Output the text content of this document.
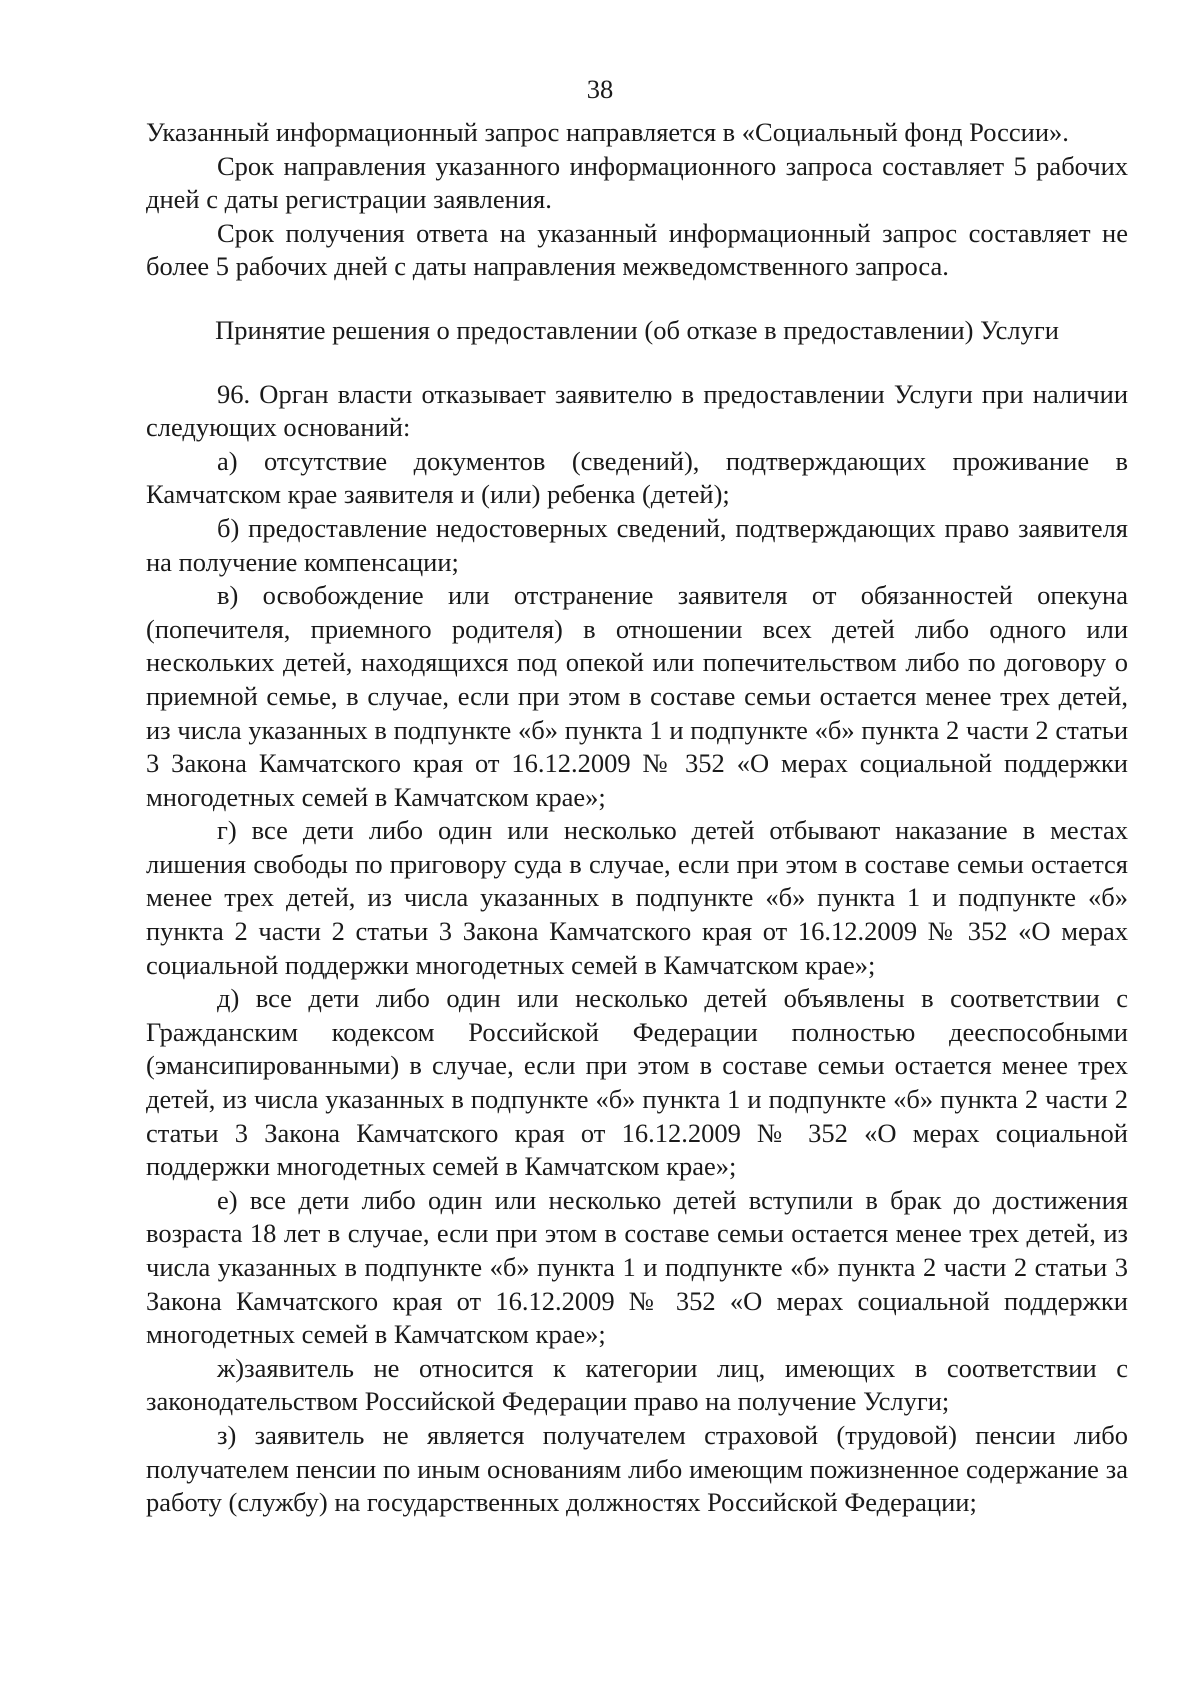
38

Указанный информационный запрос направляется в «Социальный фонд России».

Срок направления указанного информационного запроса составляет 5 рабочих дней с даты регистрации заявления.

Срок получения ответа на указанный информационный запрос составляет не более 5 рабочих дней с даты направления межведомственного запроса.

Принятие решения о предоставлении (об отказе в предоставлении) Услуги

96. Орган власти отказывает заявителю в предоставлении Услуги при наличии следующих оснований:

а) отсутствие документов (сведений), подтверждающих проживание в Камчатском крае заявителя и (или) ребенка (детей);

б) предоставление недостоверных сведений, подтверждающих право заявителя на получение компенсации;

в) освобождение или отстранение заявителя от обязанностей опекуна (попечителя, приемного родителя) в отношении всех детей либо одного или нескольких детей, находящихся под опекой или попечительством либо по договору о приемной семье, в случае, если при этом в составе семьи остается менее трех детей, из числа указанных в подпункте «б» пункта 1 и подпункте «б» пункта 2 части 2 статьи 3 Закона Камчатского края от 16.12.2009 № 352 «О мерах социальной поддержки многодетных семей в Камчатском крае»;

г) все дети либо один или несколько детей отбывают наказание в местах лишения свободы по приговору суда в случае, если при этом в составе семьи остается менее трех детей, из числа указанных в подпункте «б» пункта 1 и подпункте «б» пункта 2 части 2 статьи 3 Закона Камчатского края от 16.12.2009 № 352 «О мерах социальной поддержки многодетных семей в Камчатском крае»;

д) все дети либо один или несколько детей объявлены в соответствии с Гражданским кодексом Российской Федерации полностью дееспособными (эмансипированными) в случае, если при этом в составе семьи остается менее трех детей, из числа указанных в подпункте «б» пункта 1 и подпункте «б» пункта 2 части 2 статьи 3 Закона Камчатского края от 16.12.2009 № 352 «О мерах социальной поддержки многодетных семей в Камчатском крае»;

е) все дети либо один или несколько детей вступили в брак до достижения возраста 18 лет в случае, если при этом в составе семьи остается менее трех детей, из числа указанных в подпункте «б» пункта 1 и подпункте «б» пункта 2 части 2 статьи 3 Закона Камчатского края от 16.12.2009 № 352 «О мерах социальной поддержки многодетных семей в Камчатском крае»;

ж)заявитель не относится к категории лиц, имеющих в соответствии с законодательством Российской Федерации право на получение Услуги;

з) заявитель не является получателем страховой (трудовой) пенсии либо получателем пенсии по иным основаниям либо имеющим пожизненное содержание за работу (службу) на государственных должностях Российской Федерации;
